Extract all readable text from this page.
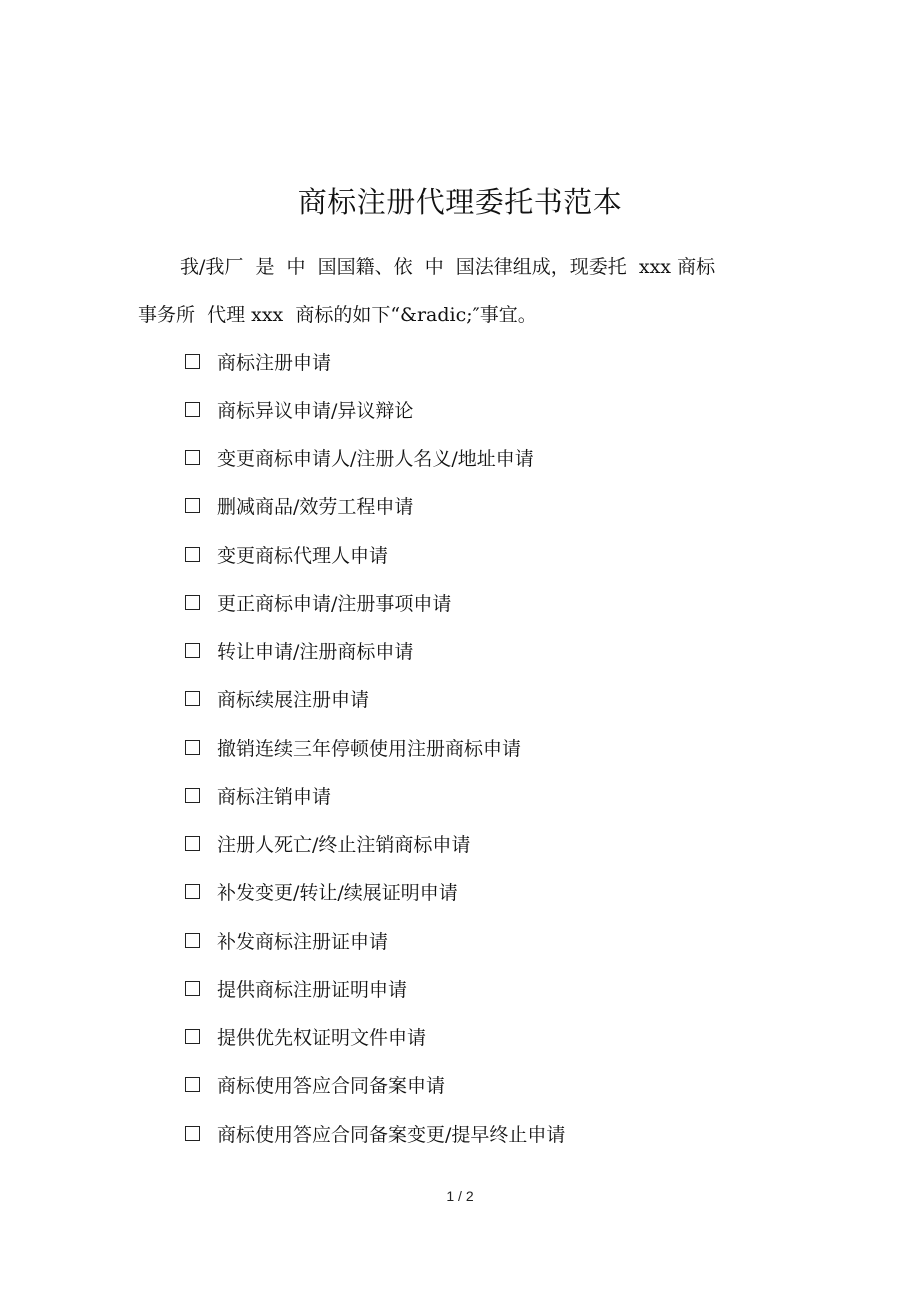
商标注册代理委托书范本
我/我厂  是  中  国国籍、依  中  国法律组成，现委托  xxx 商标
事务所  代理 xxx  商标的如下“&radic;″事宜。
商标注册申请
商标异议申请/异议辩论
变更商标申请人/注册人名义/地址申请
删减商品/效劳工程申请
变更商标代理人申请
更正商标申请/注册事项申请
转让申请/注册商标申请
商标续展注册申请
撤销连续三年停顿使用注册商标申请
商标注销申请
注册人死亡/终止注销商标申请
补发变更/转让/续展证明申请
补发商标注册证申请
提供商标注册证明申请
提供优先权证明文件申请
商标使用答应合同备案申请
商标使用答应合同备案变更/提早终止申请
1 / 2
